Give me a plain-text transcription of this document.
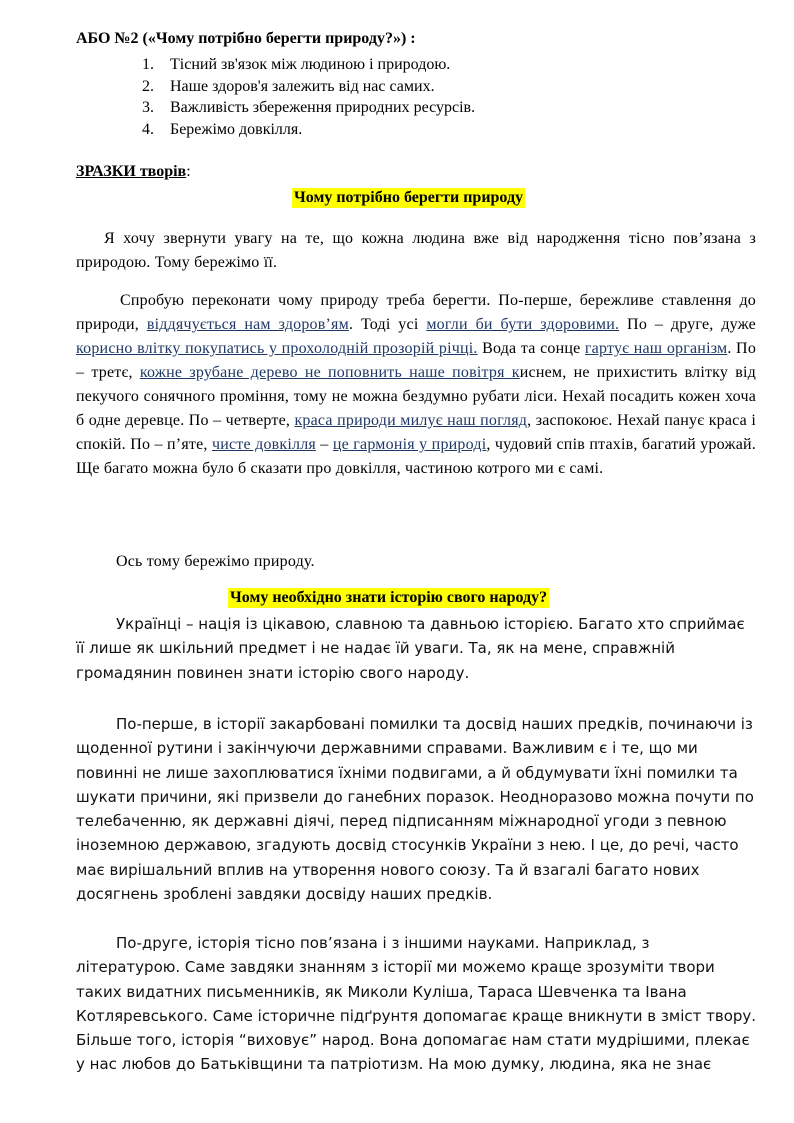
АБО №2 («Чому потрібно берегти природу?») :
1.	Тісний зв'язок між людиною і природою.
2.	Наше здоров'я залежить від нас самих.
3.	Важливість збереження природних ресурсів.
4.	Бережімо довкілля.
ЗРАЗКИ творів:
Чому потрібно берегти природу

Я хочу звернути увагу на те, що кожна людина вже від народження тісно пов’язана з природою. Тому бережімо її.

Спробую переконати чому природу треба берегти. По-перше, бережливе ставлення до природи, віддячується нам здоров’ям. Тоді усі могли би бути здоровими. По – друге, дуже корисно влітку покупатись у прохолодній прозорій річці. Вода та сонце гартує наш організм. По – третє, кожне зрубане дерево не поповнить наше повітря киснем, не прихистить влітку від пекучого сонячного проміння, тому не можна бездумно рубати ліси. Нехай посадить кожен хоча б одне деревце. По – четверте, краса природи милує наш погляд, заспокоює. Нехай панує краса і спокій. По – п’яте, чисте довкілля – це гармонія у природі, чудовий спів птахів, багатий урожай. Ще багато можна було б сказати про довкілля, частиною котрого ми є самі.

Ось тому бережімо природу.

Чому необхідно знати історію свого народу?
Українці – нація із цікавою, славною та давньою історією. Багато хто сприймає
її лише як шкільний предмет і не надає їй уваги. Та, як на мене, справжній
громадянин повинен знати історію свого народу.
По-перше, в історії закарбовані помилки та досвід наших предків, починаючи із
щоденної рутини і закінчуючи державними справами. Важливим є і те, що ми
повинні не лише захоплюватися їхніми подвигами, а й обдумувати їхні помилки та
шукати причини, які призвели до ганебних поразок. Неодноразово можна почути по
телебаченню, як державні діячі, перед підписанням міжнародної угоди з певною
іноземною державою, згадують досвід стосунків України з нею. І це, до речі, часто
має вирішальний вплив на утворення нового союзу. Та й взагалі багато нових
досягнень зроблені завдяки досвіду наших предків.
По-друге, історія тісно пов’язана і з іншими науками. Наприклад, з
літературою. Саме завдяки знанням з історії ми можемо краще зрозуміти твори
таких видатних письменників, як Миколи Куліша, Тараса Шевченка та Івана
Котляревського. Саме історичне підґрунтя допомагає краще вникнути в зміст твору.
Більше того, історія “виховує” народ. Вона допомагає нам стати мудрішими, плекає
у нас любов до Батьківщини та патріотизм. На мою думку, людина, яка не знає
